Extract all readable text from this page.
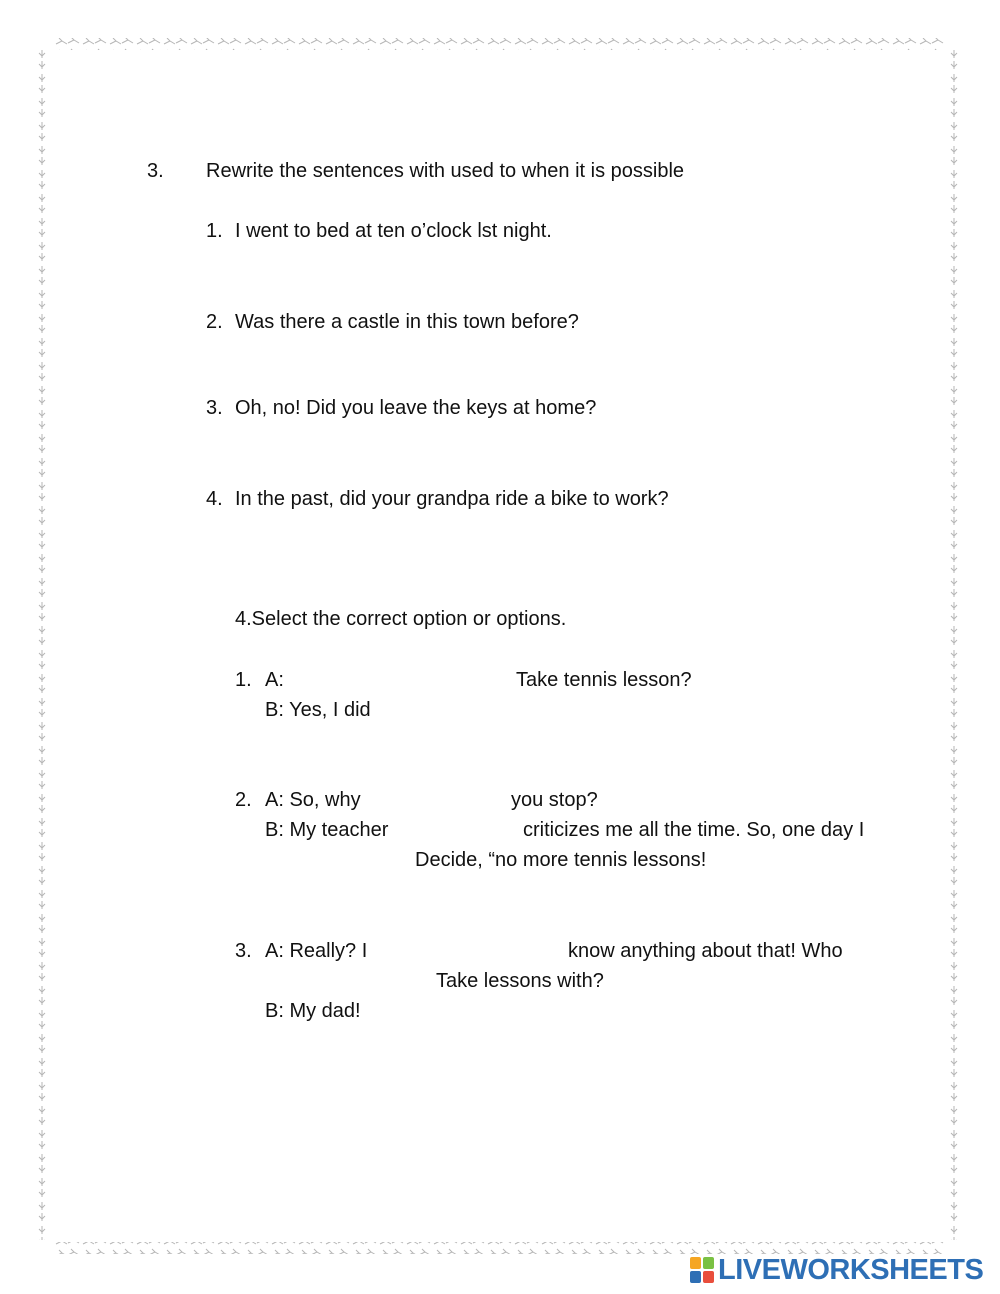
3. Rewrite the sentences with used to when it is possible
1. I went to bed at ten o’clock lst night.
2. Was there a castle in this town before?
3. Oh, no! Did you leave the keys at home?
4. In the past, did your grandpa ride a bike to work?
4.Select the correct option or options.
1. A:	Take tennis lesson?
B: Yes, I did
2. A: So, why	you stop?
B: My teacher	criticizes me all the time. So, one day I
Decide, “no more tennis lessons!
3. A: Really? I	know anything about that! Who
Take lessons with?
B: My dad!
LIVEWORKSHEETS
